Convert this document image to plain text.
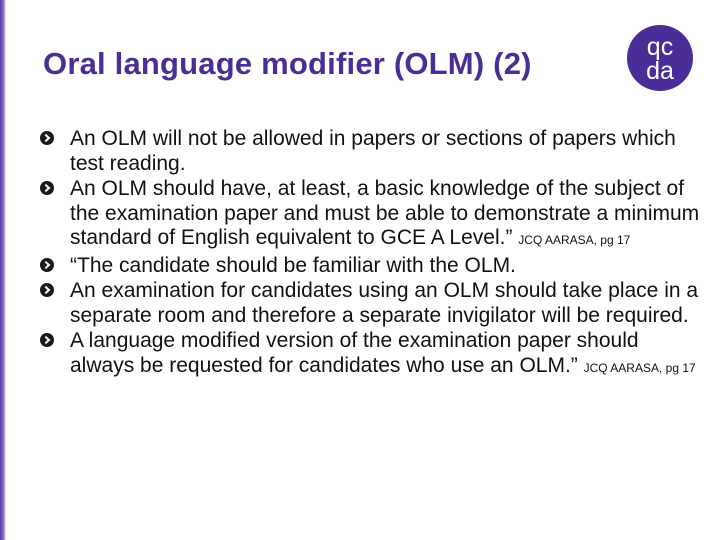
Oral language modifier (OLM) (2)	qc
da
An OLM will not be allowed in papers or sections of papers which test reading.
An OLM should have, at least, a basic knowledge of the subject of the examination paper and must be able to demonstrate a minimum standard of English equivalent to GCE A Level.” JCQ AARASA, pg 17
“The candidate should be familiar with the OLM.
An examination for candidates using an OLM should take place in a separate room and therefore a separate invigilator will be required.
A language modified version of the examination paper should always be requested for candidates who use an OLM.” JCQ AARASA, pg 17
